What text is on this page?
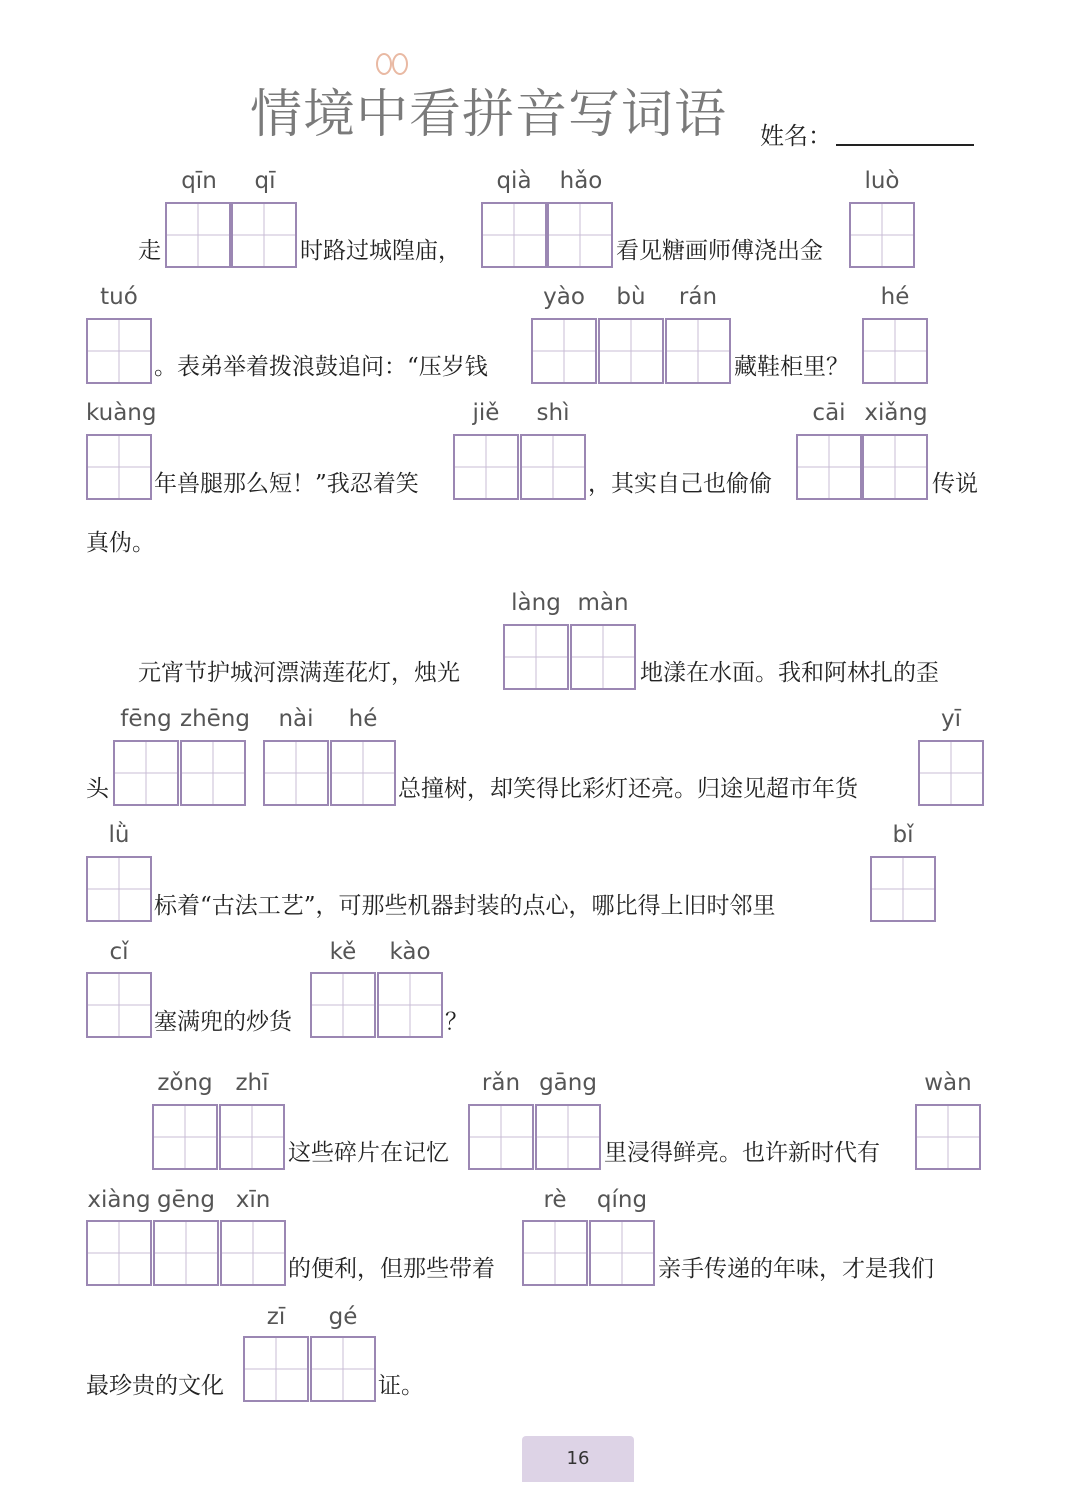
情境中看拼音写词语 姓名：
走
qīn	qī
时路过城隍庙，
qià	hǎo
看见糖画师傅浇出金
luò
tuó
。表弟举着拨浪鼓追问：“压岁钱
yào	bù	rán
藏鞋柜里？
hé
kuàng
年兽腿那么短！”我忍着笑
jiě	shì
，其实自己也偷偷
cāi xiǎng
传说
真伪。
元宵节护城河漂满莲花灯，烛光
làng màn
地漾在水面。我和阿林扎的歪
头
fēng zhēng	nài	hé
总撞树，却笑得比彩灯还亮。归途见超市年货
yī
lǜ
标着“古法工艺”，可那些机器封装的点心，哪比得上旧时邻里
bǐ
cǐ
塞满兜的炒货
kě	kào
？
zǒng zhī
这些碎片在记忆
rǎn gāng
里浸得鲜亮。也许新时代有
wàn
xiàng gēng xīn
的便利，但那些带着
rè	qíng
亲手传递的年味，才是我们
最珍贵的文化
zī	gé
证。
16
